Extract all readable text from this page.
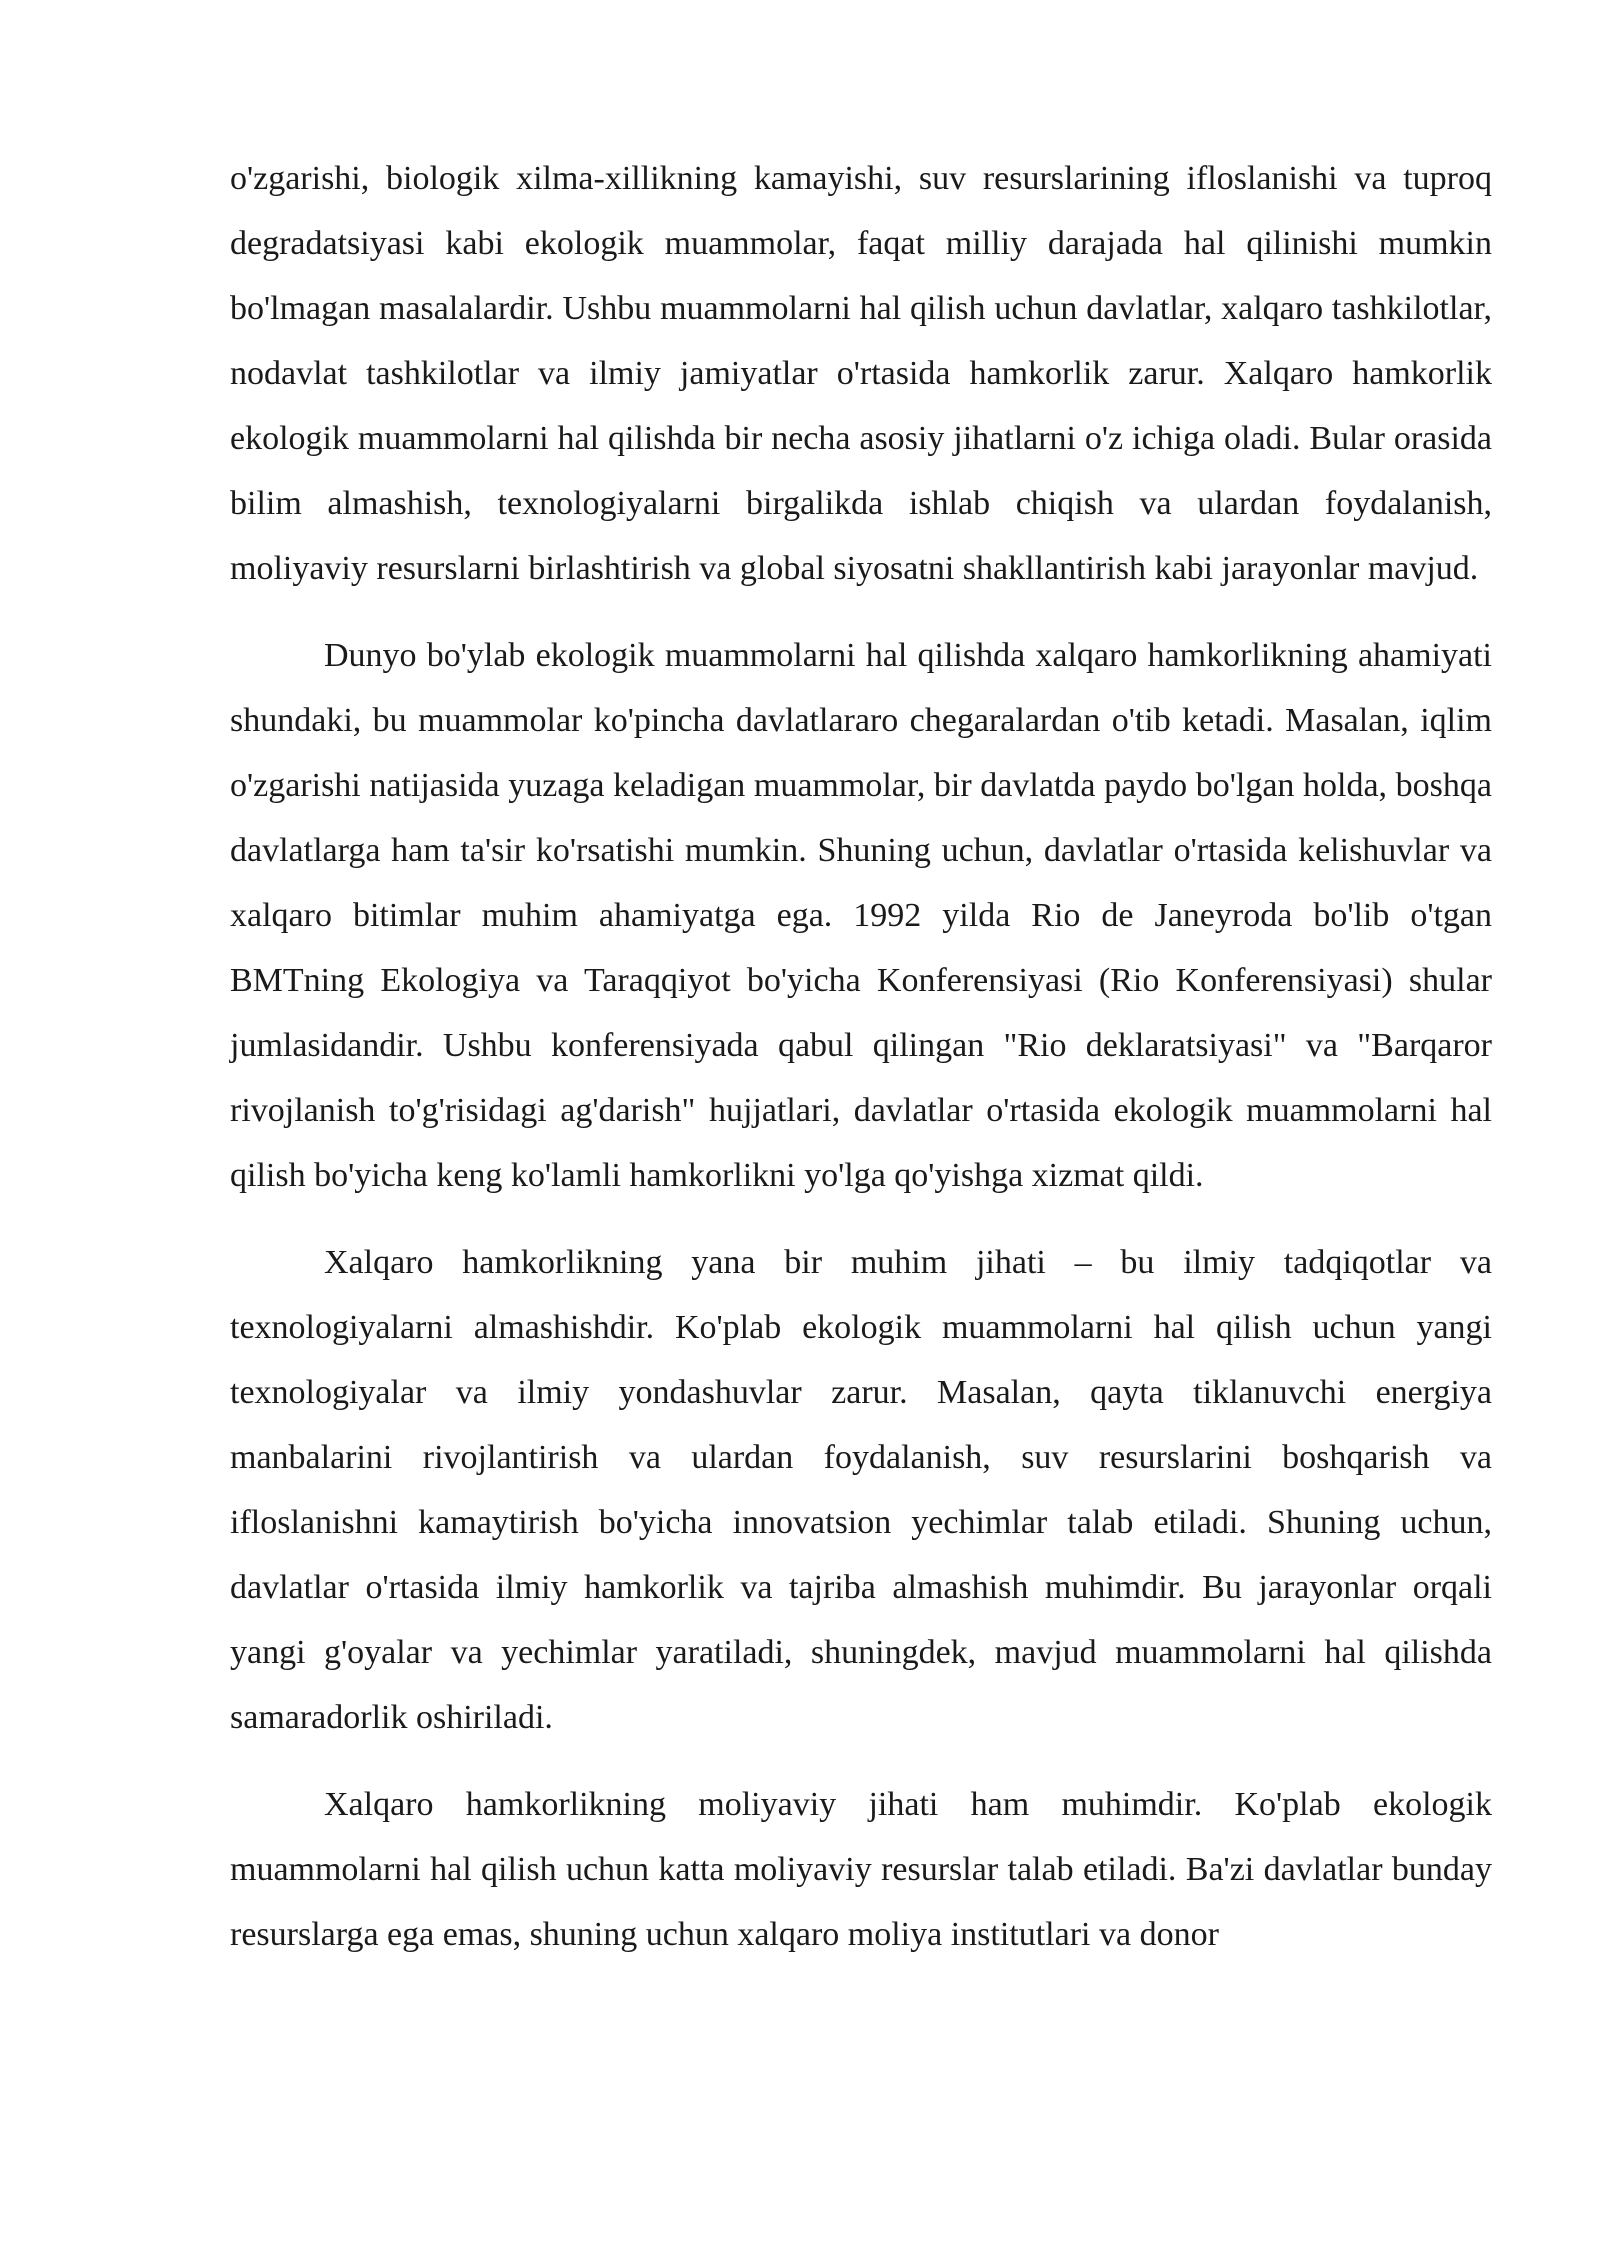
o'zgarishi, biologik xilma-xillikning kamayishi, suv resurslarining ifloslanishi va tuproq degradatsiyasi kabi ekologik muammolar, faqat milliy darajada hal qilinishi mumkin bo'lmagan masalalardir. Ushbu muammolarni hal qilish uchun davlatlar, xalqaro tashkilotlar, nodavlat tashkilotlar va ilmiy jamiyatlar o'rtasida hamkorlik zarur. Xalqaro hamkorlik ekologik muammolarni hal qilishda bir necha asosiy jihatlarni o'z ichiga oladi. Bular orasida bilim almashish, texnologiyalarni birgalikda ishlab chiqish va ulardan foydalanish, moliyaviy resurslarni birlashtirish va global siyosatni shakllantirish kabi jarayonlar mavjud.

Dunyo bo'ylab ekologik muammolarni hal qilishda xalqaro hamkorlikning ahamiyati shundaki, bu muammolar ko'pincha davlatlararo chegaralardan o'tib ketadi. Masalan, iqlim o'zgarishi natijasida yuzaga keladigan muammolar, bir davlatda paydo bo'lgan holda, boshqa davlatlarga ham ta'sir ko'rsatishi mumkin. Shuning uchun, davlatlar o'rtasida kelishuvlar va xalqaro bitimlar muhim ahamiyatga ega. 1992 yilda Rio de Janeyroda bo'lib o'tgan BMTning Ekologiya va Taraqqiyot bo'yicha Konferensiyasi (Rio Konferensiyasi) shular jumlasidandir. Ushbu konferensiyada qabul qilingan "Rio deklaratsiyasi" va "Barqaror rivojlanish to'g'risidagi ag'darish" hujjatlari, davlatlar o'rtasida ekologik muammolarni hal qilish bo'yicha keng ko'lamli hamkorlikni yo'lga qo'yishga xizmat qildi.

Xalqaro hamkorlikning yana bir muhim jihati – bu ilmiy tadqiqotlar va texnologiyalarni almashishdir. Ko'plab ekologik muammolarni hal qilish uchun yangi texnologiyalar va ilmiy yondashuvlar zarur. Masalan, qayta tiklanuvchi energiya manbalarini rivojlantirish va ulardan foydalanish, suv resurslarini boshqarish va ifloslanishni kamaytirish bo'yicha innovatsion yechimlar talab etiladi. Shuning uchun, davlatlar o'rtasida ilmiy hamkorlik va tajriba almashish muhimdir. Bu jarayonlar orqali yangi g'oyalar va yechimlar yaratiladi, shuningdek, mavjud muammolarni hal qilishda samaradorlik oshiriladi.

Xalqaro hamkorlikning moliyaviy jihati ham muhimdir. Ko'plab ekologik muammolarni hal qilish uchun katta moliyaviy resurslar talab etiladi. Ba'zi davlatlar bunday resurslarga ega emas, shuning uchun xalqaro moliya institutlari va donor
